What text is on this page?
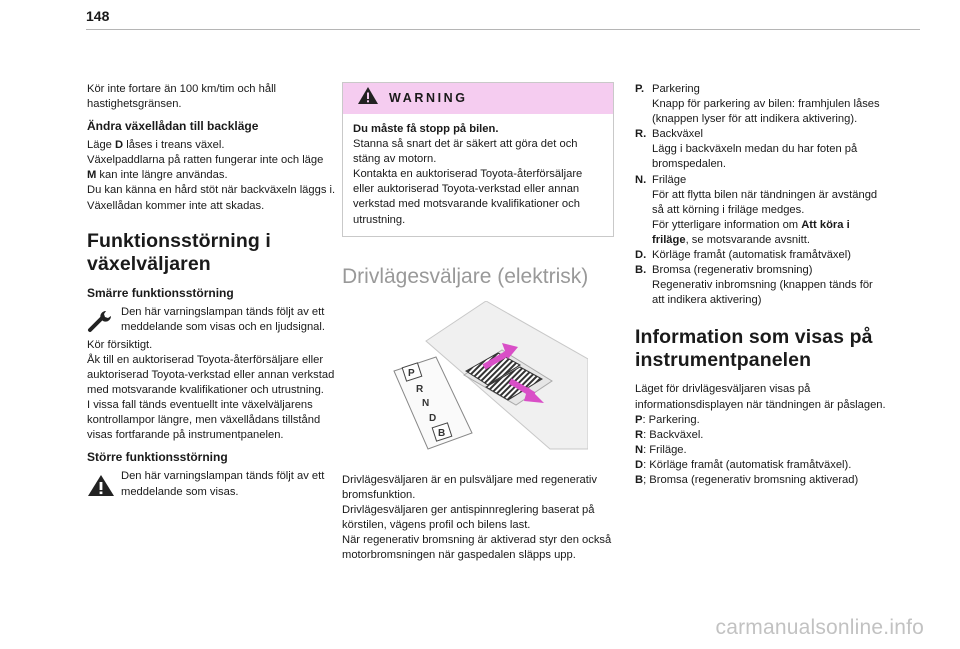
148

Kör inte fortare än 100 km/tim och håll hastighetsgränsen.

Ändra växellådan till backläge

Läge D låses i treans växel.
Växelpaddlarna på ratten fungerar inte och läge
M kan inte längre användas.
Du kan känna en hård stöt när backväxeln läggs i. Växellådan kommer inte att skadas.

Funktionsstörning i växelväljaren
Smärre funktionsstörning
Den här varningslampan tänds följt av ett meddelande som visas och en ljudsignal.

Kör försiktigt.

Åk till en auktoriserad Toyota-återförsäljare eller auktoriserad Toyota-verkstad eller annan verkstad med motsvarande kvalifikationer och utrustning.

I vissa fall tänds eventuellt inte växelväljarens kontrollampor längre, men växellådans tillstånd visas fortfarande på instrumentpanelen.

Större funktionsstörning
Den här varningslampan tänds följt av ett meddelande som visas.
WARNING
Du måste få stopp på bilen.

Stanna så snart det är säkert att göra det och stäng av motorn.

Kontakta en auktoriserad Toyota-återförsäljare eller auktoriserad Toyota-verkstad eller annan verkstad med motsvarande kvalifikationer och utrustning.

Drivlägesväljare (elektrisk)
P
R
N
D
B

Drivlägesväljaren är en pulsväljare med regenerativ bromsfunktion.

Drivlägesväljaren ger antispinnreglering baserat på körstilen, vägens profil och bilens last.

När regenerativ bromsning är aktiverad styr den också motorbromsningen när gaspedalen släpps upp.

P. Parkering
Knapp för parkering av bilen: framhjulen låses (knappen lyser för att indikera aktivering).
R. Backväxel
Lägg i backväxeln medan du har foten på bromspedalen.
N. Friläge
För att flytta bilen när tändningen är avstängd så att körning i friläge medges.
För ytterligare information om Att köra i friläge, se motsvarande avsnitt.
D. Körläge framåt (automatisk framåtväxel)
B. Bromsa (regenerativ bromsning)
Regenerativ inbromsning (knappen tänds för att indikera aktivering)
Information som visas på instrumentpanelen

Läget för drivlägesväljaren visas på informationsdisplayen när tändningen är påslagen.

P: Parkering.

R: Backväxel.

N: Friläge.

D: Körläge framåt (automatisk framåtväxel).

B; Bromsa (regenerativ bromsning aktiverad)

carmanualsonline.info
